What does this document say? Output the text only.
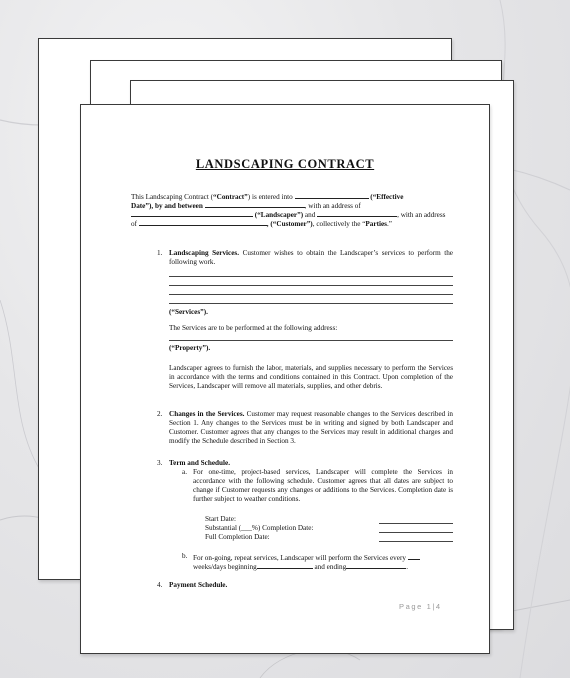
LANDSCAPING CONTRACT
This Landscaping Contract (“Contract”) is entered into	(“Effective
Date”), by and between	, with an address of
(“Landscaper”) and	, with an address
of	, (“Customer”), collectively the “Parties.”
1. Landscaping Services. Customer wishes to obtain the Landscaper’s services to perform the following work.
(“Services”).
The Services are to be performed at the following address:
(“Property”).
Landscaper agrees to furnish the labor, materials, and supplies necessary to perform the Services in accordance with the terms and conditions contained in this Contract. Upon completion of the Services, Landscaper will remove all materials, supplies, and other debris.
2. Changes in the Services. Customer may request reasonable changes to the Services described in Section 1. Any changes to the Services must be in writing and signed by both Landscaper and Customer. Customer agrees that any changes to the Services may result in additional charges and modify the Schedule described in Section 3.
3. Term and Schedule.
a. For one-time, project-based services, Landscaper will complete the Services in accordance with the following schedule. Customer agrees that all dates are subject to change if Customer requests any changes or additions to the Services. Completion date is further subject to weather conditions.
Start Date:
Substantial (___%) Completion Date:
Full Completion Date:
b. For on-going, repeat services, Landscaper will perform the Services every
weeks/days beginning	and ending	.
4. Payment Schedule.
Page 1|4
